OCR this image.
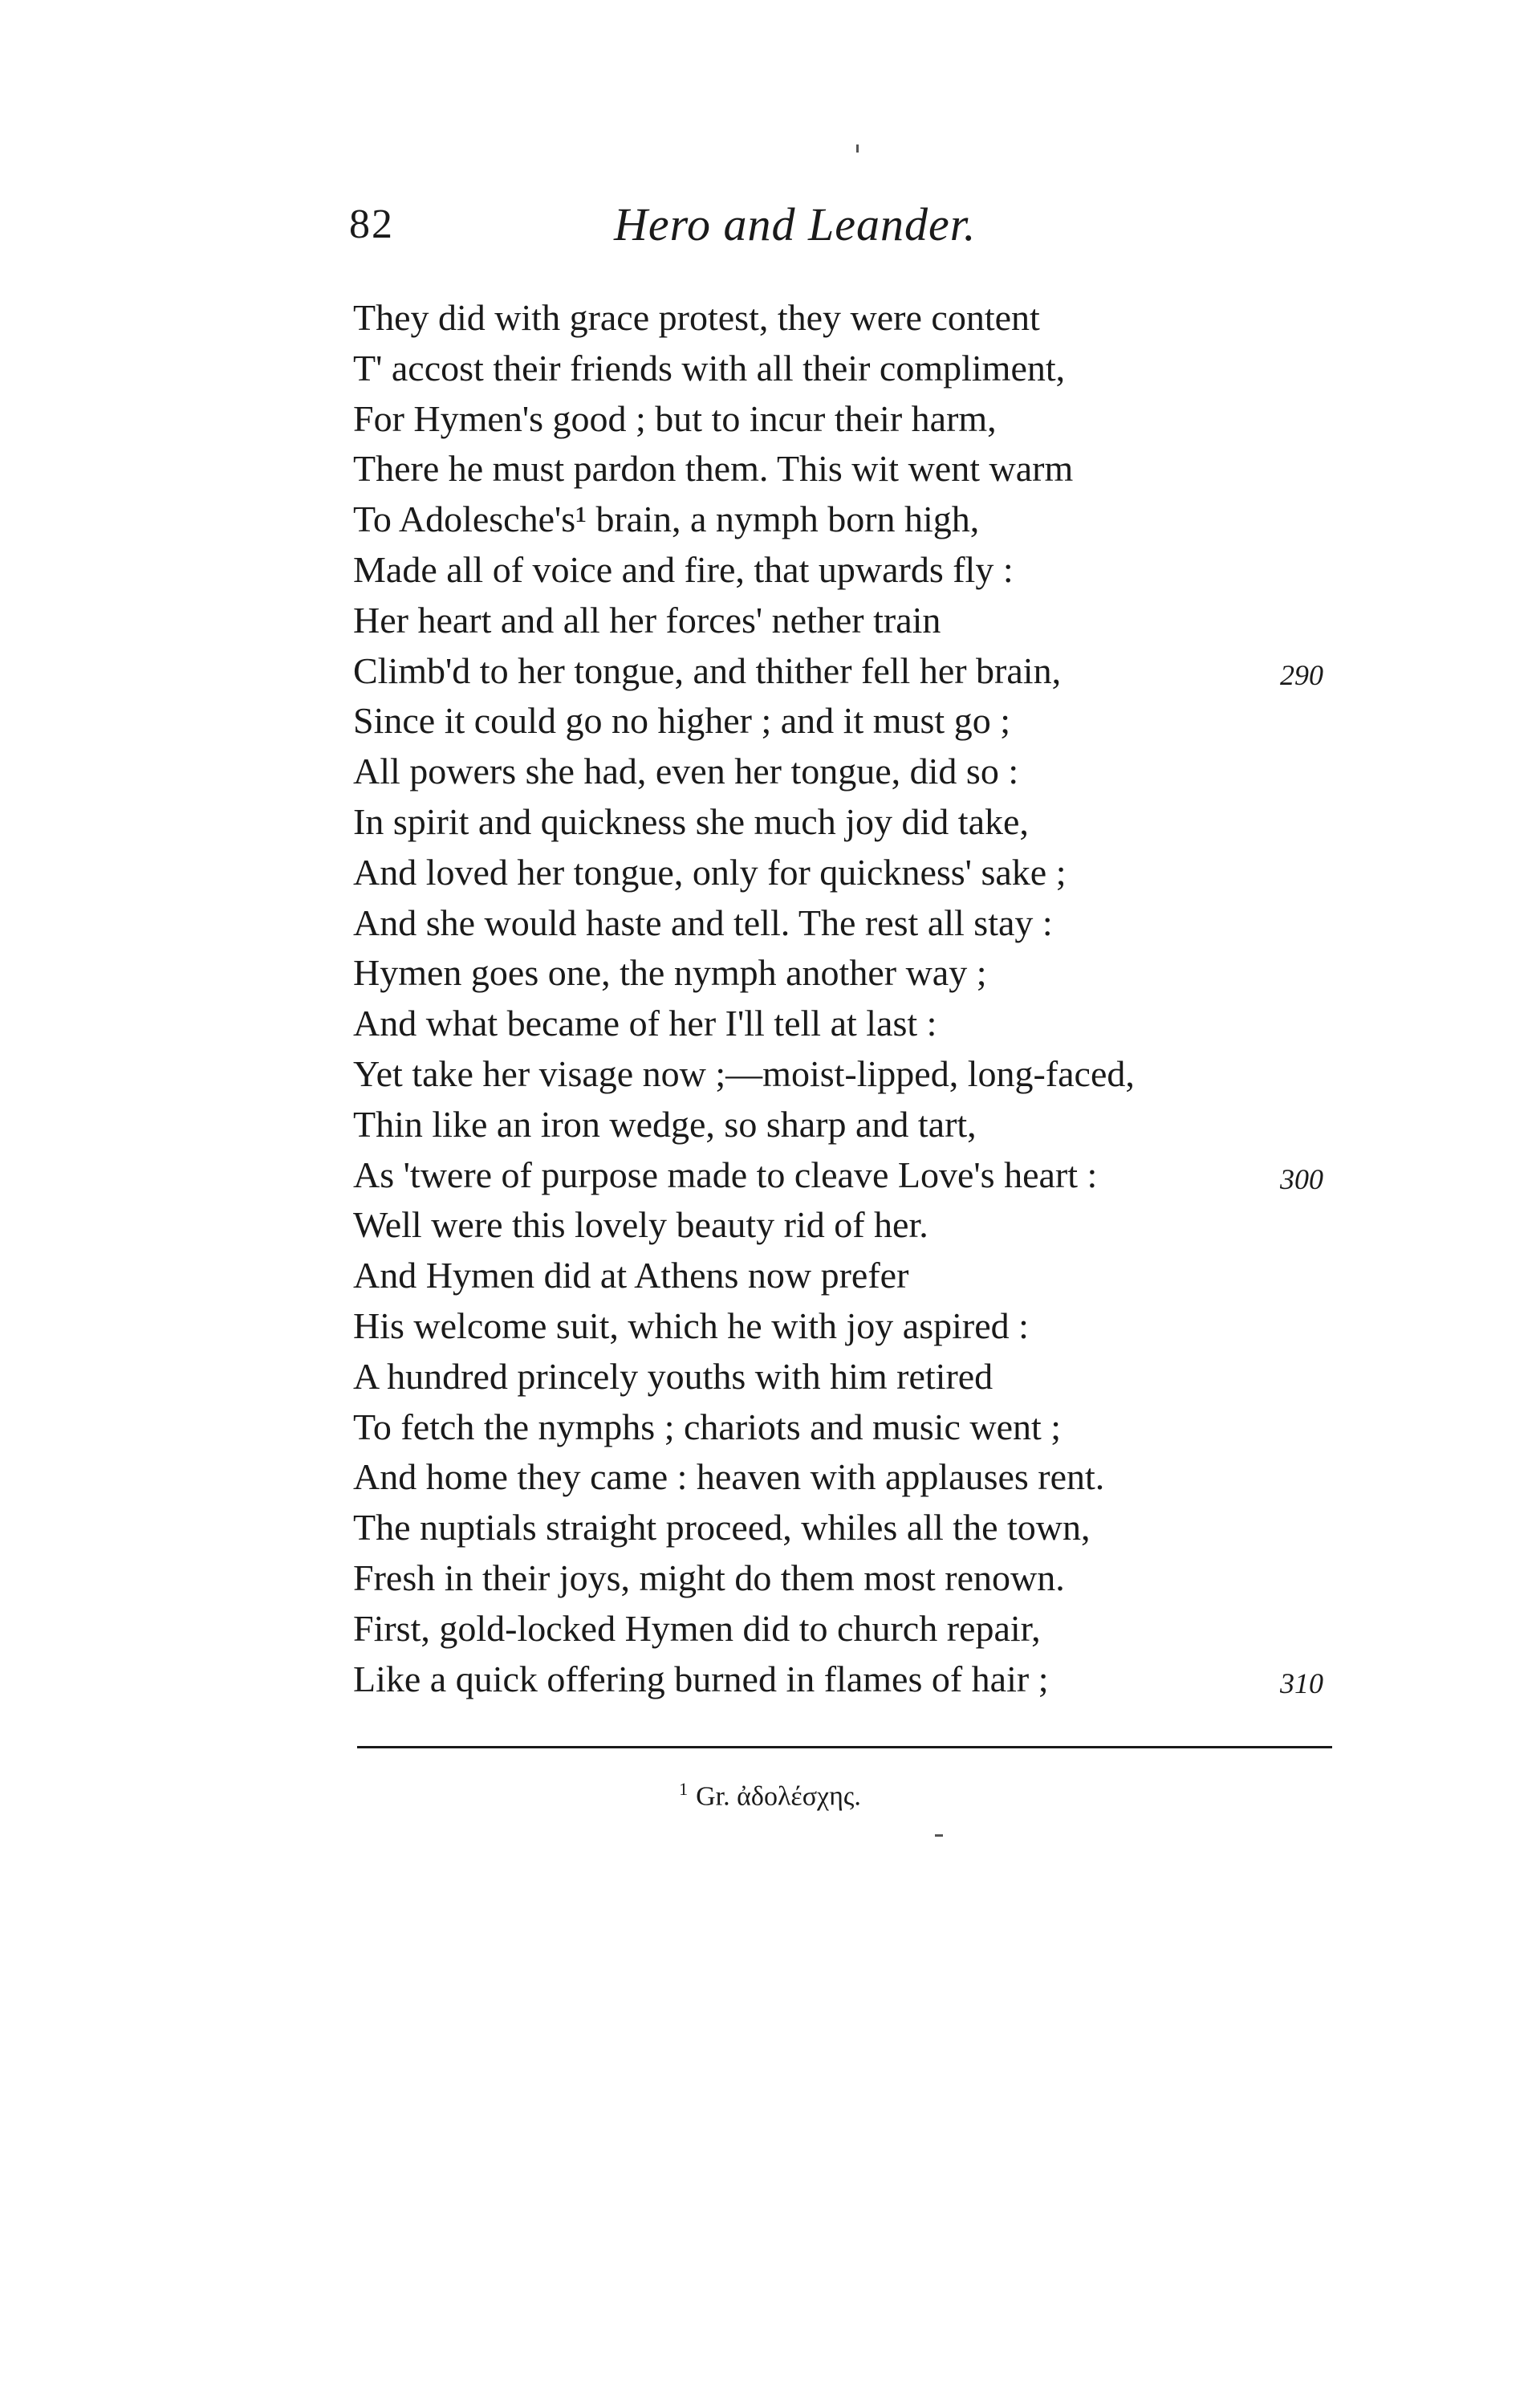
82	Hero and Leander.
They did with grace protest, they were content
T' accost their friends with all their compliment,
For Hymen's good ; but to incur their harm,
There he must pardon them. This wit went warm
To Adolesche's¹ brain, a nymph born high,
Made all of voice and fire, that upwards fly :
Her heart and all her forces' nether train
Climb'd to her tongue, and thither fell her brain,	290
Since it could go no higher ; and it must go ;
All powers she had, even her tongue, did so :
In spirit and quickness she much joy did take,
And loved her tongue, only for quickness' sake ;
And she would haste and tell. The rest all stay :
Hymen goes one, the nymph another way ;
And what became of her I'll tell at last :
Yet take her visage now ;—moist-lipped, long-faced,
Thin like an iron wedge, so sharp and tart,
As 'twere of purpose made to cleave Love's heart :	300
Well were this lovely beauty rid of her.
And Hymen did at Athens now prefer
His welcome suit, which he with joy aspired :
A hundred princely youths with him retired
To fetch the nymphs ; chariots and music went ;
And home they came : heaven with applauses rent.
The nuptials straight proceed, whiles all the town,
Fresh in their joys, might do them most renown.
First, gold-locked Hymen did to church repair,
Like a quick offering burned in flames of hair ;	310
$^1$ Gr. ἀδολέσχης.
